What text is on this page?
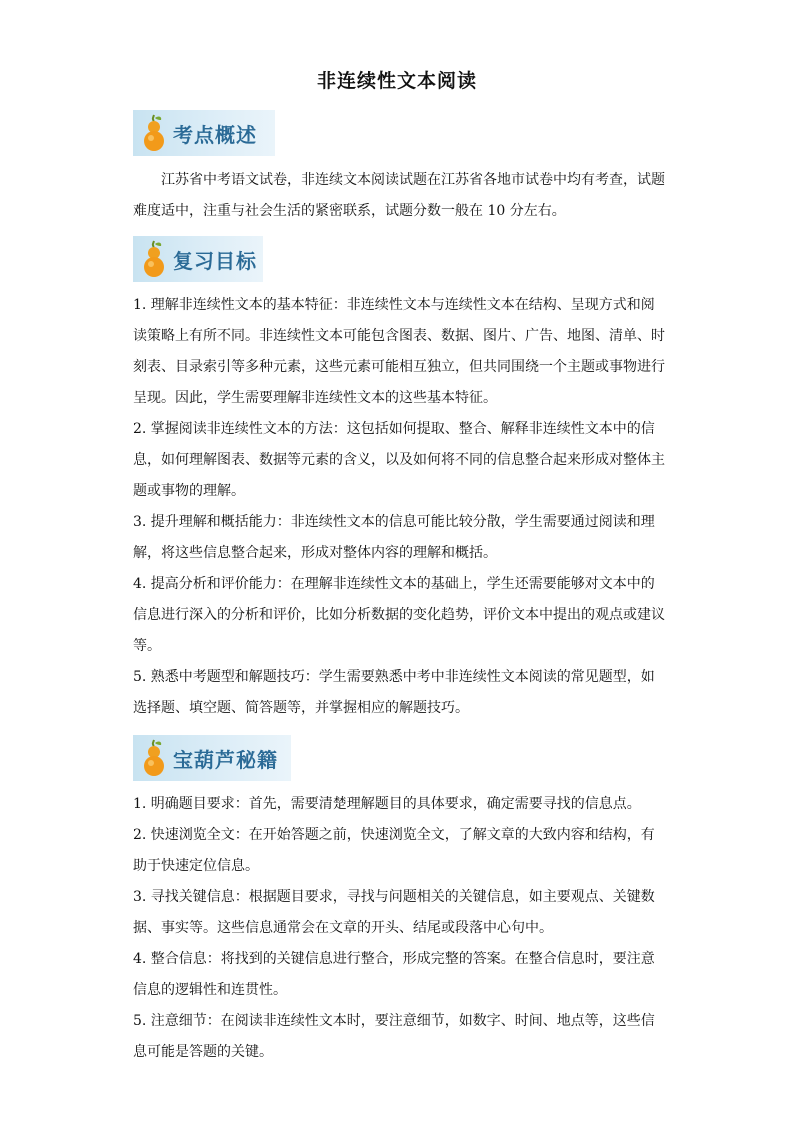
非连续性文本阅读
考点概述

　　江苏省中考语文试卷，非连续文本阅读试题在江苏省各地市试卷中均有考查，试题
难度适中，注重与社会生活的紧密联系，试题分数一般在 10 分左右。

复习目标

1. 理解非连续性文本的基本特征：非连续性文本与连续性文本在结构、呈现方式和阅
读策略上有所不同。非连续性文本可能包含图表、数据、图片、广告、地图、清单、时
刻表、目录索引等多种元素，这些元素可能相互独立，但共同围绕一个主题或事物进行
呈现。因此，学生需要理解非连续性文本的这些基本特征。

2. 掌握阅读非连续性文本的方法：这包括如何提取、整合、解释非连续性文本中的信
息，如何理解图表、数据等元素的含义，以及如何将不同的信息整合起来形成对整体主
题或事物的理解。

3. 提升理解和概括能力：非连续性文本的信息可能比较分散，学生需要通过阅读和理
解，将这些信息整合起来，形成对整体内容的理解和概括。

4. 提高分析和评价能力：在理解非连续性文本的基础上，学生还需要能够对文本中的
信息进行深入的分析和评价，比如分析数据的变化趋势，评价文本中提出的观点或建议
等。

5. 熟悉中考题型和解题技巧：学生需要熟悉中考中非连续性文本阅读的常见题型，如
选择题、填空题、简答题等，并掌握相应的解题技巧。

宝葫芦秘籍

1. 明确题目要求：首先，需要清楚理解题目的具体要求，确定需要寻找的信息点。

2. 快速浏览全文：在开始答题之前，快速浏览全文，了解文章的大致内容和结构，有
助于快速定位信息。

3. 寻找关键信息：根据题目要求，寻找与问题相关的关键信息，如主要观点、关键数
据、事实等。这些信息通常会在文章的开头、结尾或段落中心句中。

4. 整合信息：将找到的关键信息进行整合，形成完整的答案。在整合信息时，要注意
信息的逻辑性和连贯性。

5. 注意细节：在阅读非连续性文本时，要注意细节，如数字、时间、地点等，这些信
息可能是答题的关键。
